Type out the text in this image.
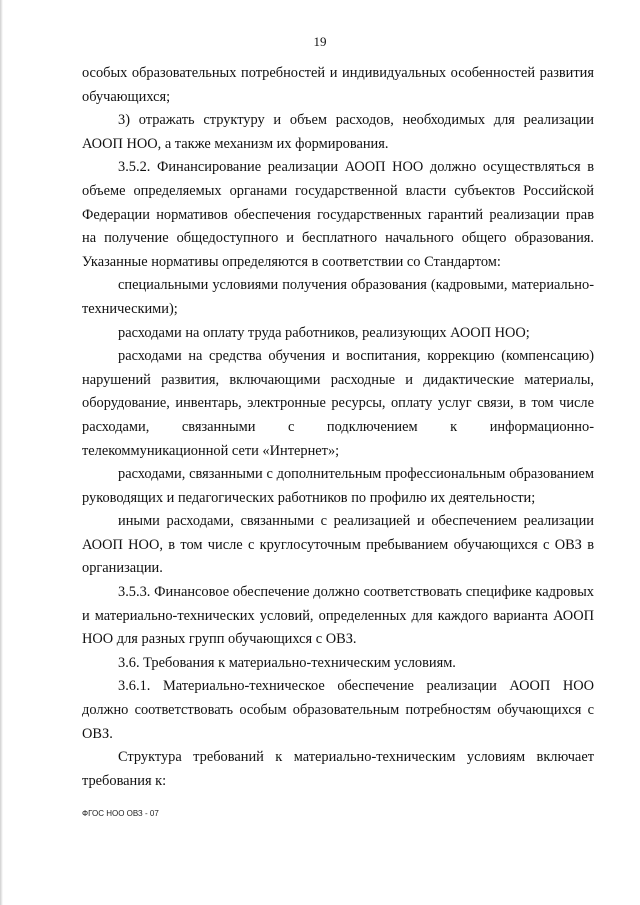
19

особых образовательных потребностей и индивидуальных особенностей развития обучающихся;

3) отражать структуру и объем расходов, необходимых для реализации АООП НОО, а также механизм их формирования.

3.5.2. Финансирование реализации АООП НОО должно осуществляться в объеме определяемых органами государственной власти субъектов Российской Федерации нормативов обеспечения государственных гарантий реализации прав на получение общедоступного и бесплатного начального общего образования. Указанные нормативы определяются в соответствии со Стандартом:

специальными условиями получения образования (кадровыми, материально-техническими);

расходами на оплату труда работников, реализующих АООП НОО;

расходами на средства обучения и воспитания, коррекцию (компенсацию) нарушений развития, включающими расходные и дидактические материалы, оборудование, инвентарь, электронные ресурсы, оплату услуг связи, в том числе расходами, связанными с подключением к информационно-телекоммуникационной сети «Интернет»;

расходами, связанными с дополнительным профессиональным образованием руководящих и педагогических работников по профилю их деятельности;

иными расходами, связанными с реализацией и обеспечением реализации АООП НОО, в том числе с круглосуточным пребыванием обучающихся с ОВЗ в организации.

3.5.3. Финансовое обеспечение должно соответствовать специфике кадровых и материально-технических условий, определенных для каждого варианта АООП НОО для разных групп обучающихся с ОВЗ.

3.6. Требования к материально-техническим условиям.

3.6.1. Материально-техническое обеспечение реализации АООП НОО должно соответствовать особым образовательным потребностям обучающихся с ОВЗ.

Структура требований к материально-техническим условиям включает требования к:

ФГОС НОО ОВЗ - 07
